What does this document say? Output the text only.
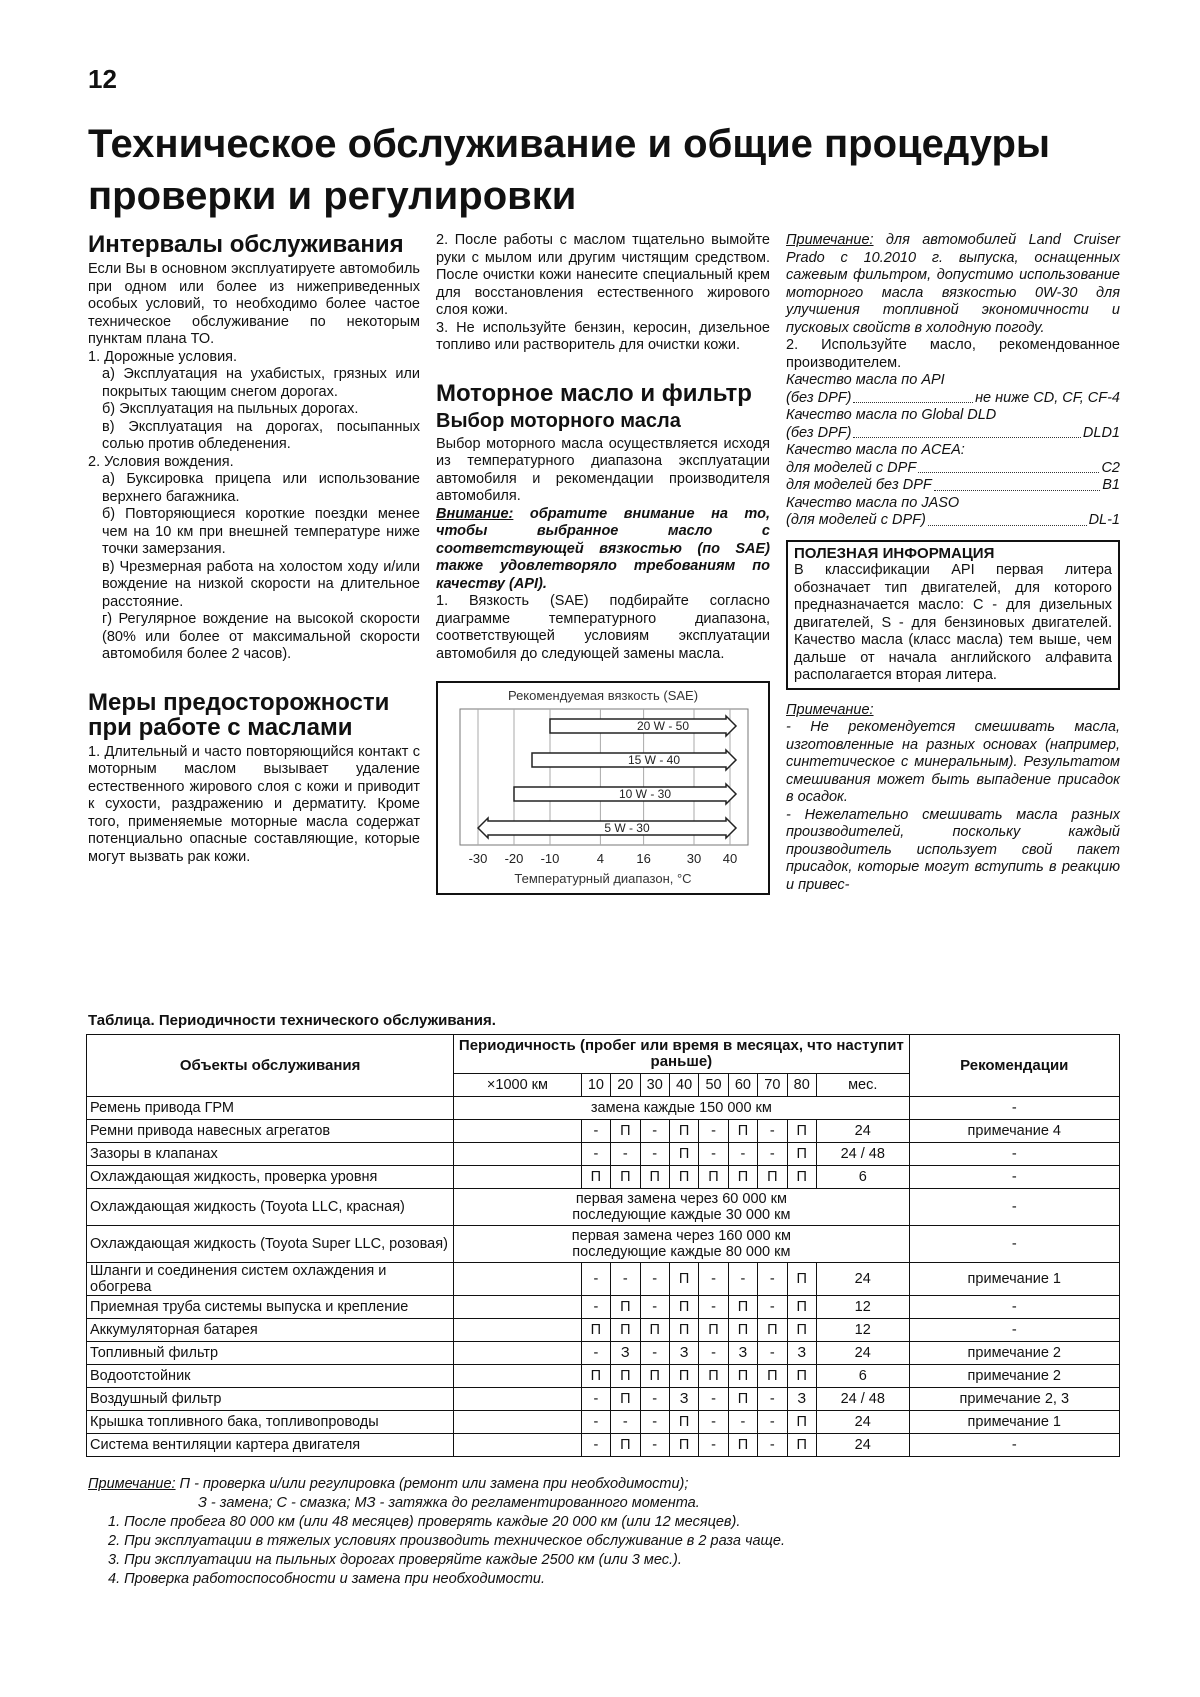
12
Техническое обслуживание и общие процедуры проверки и регулировки
Интервалы обслуживания

Если Вы в основном эксплуатируете автомобиль при одном или более из нижеприведенных особых условий, то необходимо более частое техническое обслуживание по некоторым пунктам плана ТО.

1. Дорожные условия.

а) Эксплуатация на ухабистых, грязных или покрытых тающим снегом дорогах.

б) Эксплуатация на пыльных дорогах.

в) Эксплуатация на дорогах, посыпанных солью против обледенения.

2. Условия вождения.

а) Буксировка прицепа или использование верхнего багажника.

б) Повторяющиеся короткие поездки менее чем на 10 км при внешней температуре ниже точки замерзания.

в) Чрезмерная работа на холостом ходу и/или вождение на низкой скорости на длительное расстояние.

г) Регулярное вождение на высокой скорости (80% или более от максимальной скорости автомобиля более 2 часов).

Меры предосторожности при работе с маслами

1. Длительный и часто повторяющийся контакт с моторным маслом вызывает удаление естественного жирового слоя с кожи и приводит к сухости, раздражению и дерматиту. Кроме того, применяемые моторные масла содержат потенциально опасные составляющие, которые могут вызвать рак кожи.

2. После работы с маслом тщательно вымойте руки с мылом или другим чистящим средством. После очистки кожи нанесите специальный крем для восстановления естественного жирового слоя кожи.

3. Не используйте бензин, керосин, дизельное топливо или растворитель для очистки кожи.

Моторное масло и фильтр
Выбор моторного масла

Выбор моторного масла осуществляется исходя из температурного диапазона эксплуатации автомобиля и рекомендации производителя автомобиля.

Внимание: обратите внимание на то, чтобы выбранное масло с соответствующей вязкостью (по SAE) также удовлетворяло требованиям по качеству (API).

1. Вязкость (SAE) подбирайте согласно диаграмме температурного диапазона, соответствующей условиям эксплуатации автомобиля до следующей замены масла.

Рекомендуемая вязкость (SAE)
-30 -20 -10	4 16	30 40
20 W - 50
15 W - 40
10 W - 30
5 W - 30
Температурный диапазон, °C

Примечание: для автомобилей Land Cruiser Prado с 10.2010 г. выпуска, оснащенных сажевым фильтром, допустимо использование моторного масла вязкостью 0W-30 для улучшения топливной экономичности и пусковых свойств в холодную погоду.

2. Используйте масло, рекомендованное производителем.

Качество масла по API

(без DPF)	не ниже CD, CF, CF-4

Качество масла по Global DLD

(без DPF)	DLD1

Качество масла по ACEA:

для моделей с DPF	C2
для моделей без DPF	B1

Качество масла по JASO

(для моделей с DPF)	DL-1
ПОЛЕЗНАЯ ИНФОРМАЦИЯ

В классификации API первая литера обозначает тип двигателей, для которого предназначается масло: С - для дизельных двигателей, S - для бензиновых двигателей. Качество масла (класс масла) тем выше, чем дальше от начала английского алфавита располагается вторая литера.

Примечание:

- Не рекомендуется смешивать масла, изготовленные на разных основах (например, синтетическое с минеральным). Результатом смешивания может быть выпадение присадок в осадок.

- Нежелательно смешивать масла разных производителей, поскольку каждый производитель использует свой пакет присадок, которые могут вступить в реакцию и привес-

Таблица. Периодичности технического обслуживания.
Объекты обслуживания	Периодичность (пробег или время в месяцах, что наступит раньше)										Рекомендации
	×1000 км	10	20	30	40	50	60	70	80	мес.	
Ремень привода ГРМ	замена каждые 150 000 км										-
Ремни привода навесных агрегатов		-	П	-	П	-	П	-	П	24	примечание 4
Зазоры в клапанах		-	-	-	П	-	-	-	П	24 / 48	-
Охлаждающая жидкость, проверка уровня		П	П	П	П	П	П	П	П	6	-
Охлаждающая жидкость (Toyota LLC, красная)	первая замена через 60 000 км
последующие каждые 30 000 км										-
Охлаждающая жидкость (Toyota Super LLC, розовая)	первая замена через 160 000 км
последующие каждые 80 000 км										-
Шланги и соединения систем охлаждения и обогрева		-	-	-	П	-	-	-	П	24	примечание 1
Приемная труба системы выпуска и крепление		-	П	-	П	-	П	-	П	12	-
Аккумуляторная батарея		П	П	П	П	П	П	П	П	12	-
Топливный фильтр		-	З	-	З	-	З	-	З	24	примечание 2
Водоотстойник		П	П	П	П	П	П	П	П	6	примечание 2
Воздушный фильтр		-	П	-	З	-	П	-	З	24 / 48	примечание 2, 3
Крышка топливного бака, топливопроводы		-	-	-	П	-	-	-	П	24	примечание 1
Система вентиляции картера двигателя		-	П	-	П	-	П	-	П	24	-
Примечание: П - проверка и/или регулировка (ремонт или замена при необходимости);
З - замена; С - смазка; МЗ - затяжка до регламентированного момента.
1. После пробега 80 000 км (или 48 месяцев) проверять каждые 20 000 км (или 12 месяцев).
2. При эксплуатации в тяжелых условиях производить техническое обслуживание в 2 раза чаще.
3. При эксплуатации на пыльных дорогах проверяйте каждые 2500 км (или 3 мес.).
4. Проверка работоспособности и замена при необходимости.
